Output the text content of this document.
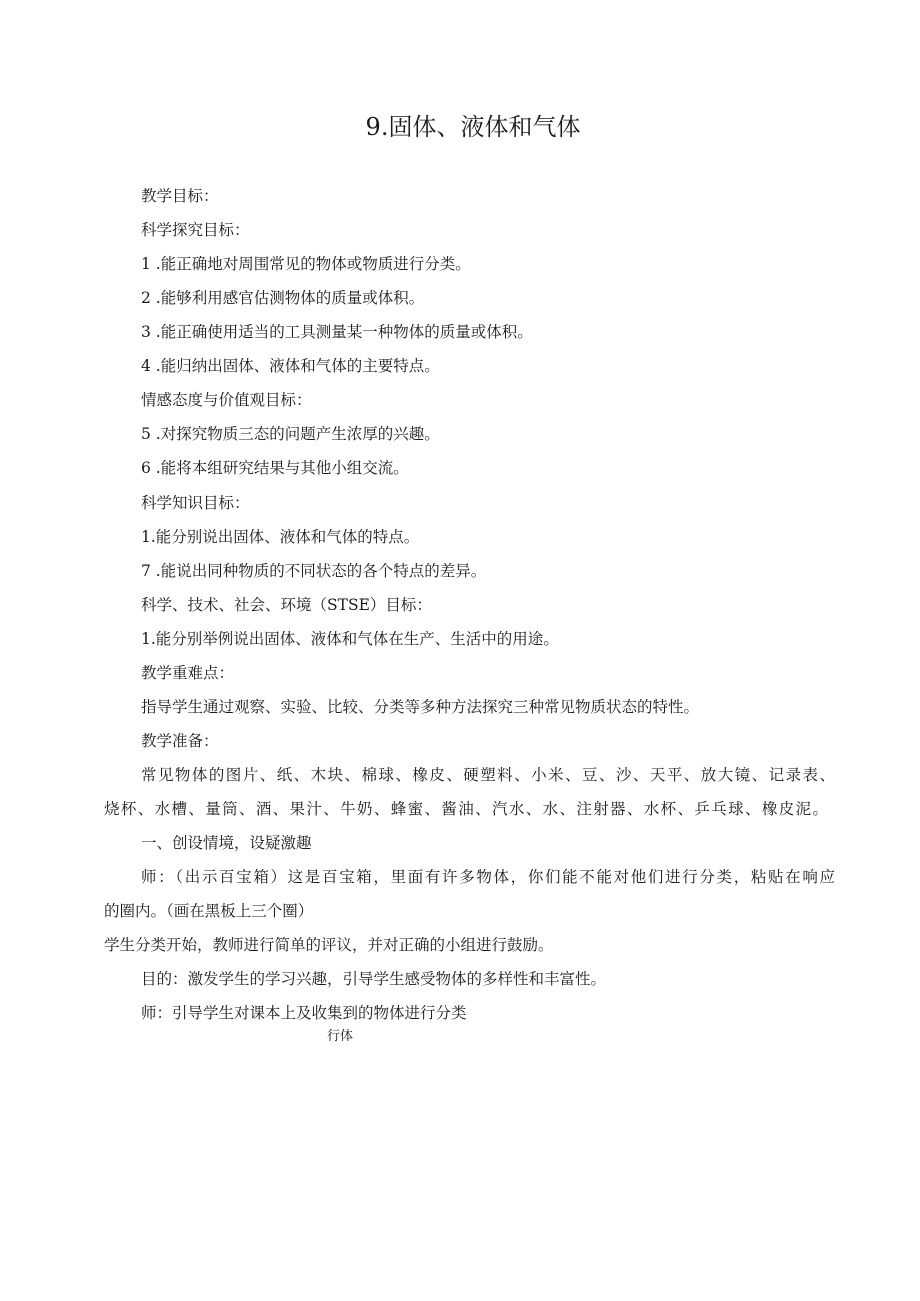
9.固体、液体和气体

教学目标：

科学探究目标：

1 .能正确地对周围常见的物体或物质进行分类。

2 .能够利用感官估测物体的质量或体积。

3 .能正确使用适当的工具测量某一种物体的质量或体积。

4 .能归纳出固体、液体和气体的主要特点。

情感态度与价值观目标：

5 .对探究物质三态的问题产生浓厚的兴趣。

6 .能将本组研究结果与其他小组交流。

科学知识目标：

1.能分别说出固体、液体和气体的特点。

7 .能说出同种物质的不同状态的各个特点的差异。

科学、技术、社会、环境（STSE）目标：

1.能分别举例说出固体、液体和气体在生产、生活中的用途。

教学重难点：

指导学生通过观察、实验、比较、分类等多种方法探究三种常见物质状态的特性。

教学准备：

常见物体的图片、纸、木块、棉球、橡皮、硬塑料、小米、豆、沙、天平、放大镜、记录表、

烧杯、水槽、量筒、酒、果汁、牛奶、蜂蜜、酱油、汽水、水、注射器、水杯、乒乓球、橡皮泥。

一、创设情境，设疑激趣

师：（出示百宝箱）这是百宝箱，里面有许多物体，你们能不能对他们进行分类，粘贴在响应

的圈内。（画在黑板上三个圈）

学生分类开始，教师进行简单的评议，并对正确的小组进行鼓励。

目的：激发学生的学习兴趣，引导学生感受物体的多样性和丰富性。

师：引导学生对课本上及收集到的物体进行分类

行体
